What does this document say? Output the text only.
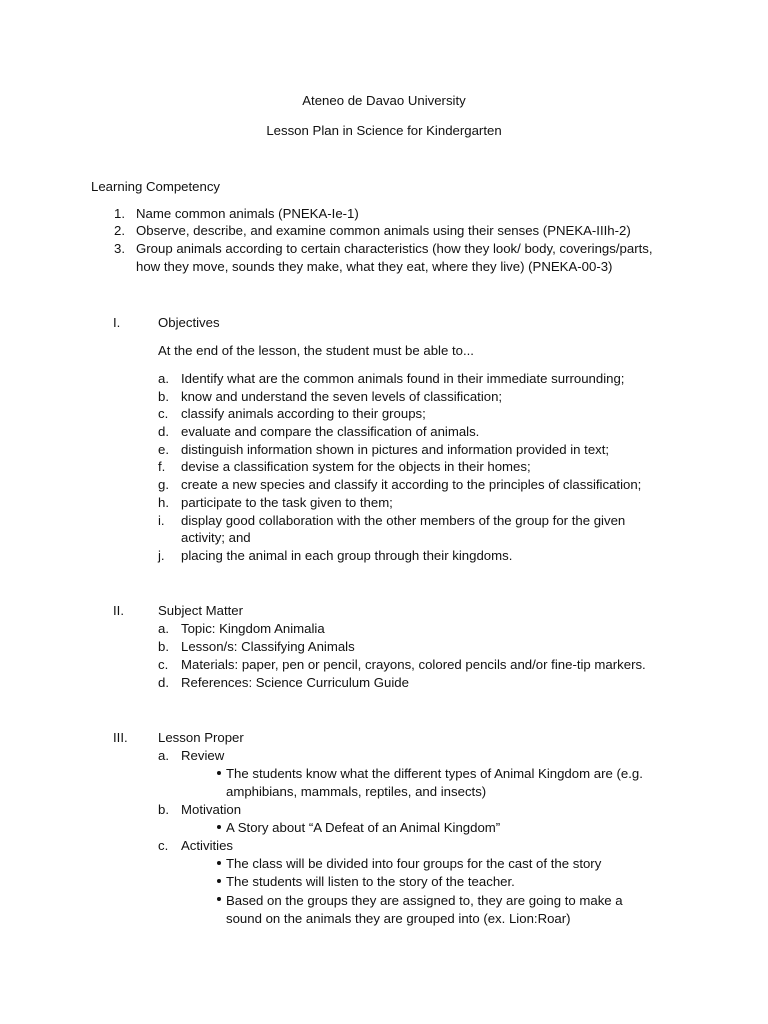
Ateneo de Davao University
Lesson Plan in Science for Kindergarten
Learning Competency
1. Name common animals (PNEKA-Ie-1)
2. Observe, describe, and examine common animals using their senses (PNEKA-IIIh-2)
3. Group animals according to certain characteristics (how they look/ body, coverings/parts,
how they move, sounds they make, what they eat, where they live) (PNEKA-00-3)
I.	Objectives
At the end of the lesson, the student must be able to...
a. Identify what are the common animals found in their immediate surrounding;
b. know and understand the seven levels of classification;
c. classify animals according to their groups;
d. evaluate and compare the classification of animals.
e. distinguish information shown in pictures and information provided in text;
f. devise a classification system for the objects in their homes;
g. create a new species and classify it according to the principles of classification;
h. participate to the task given to them;
i. display good collaboration with the other members of the group for the given
activity; and
j. placing the animal in each group through their kingdoms.
II.	Subject Matter
a. Topic: Kingdom Animalia
b. Lesson/s: Classifying Animals
c. Materials: paper, pen or pencil, crayons, colored pencils and/or fine-tip markers.
d. References: Science Curriculum Guide
III. Lesson Proper
a. Review
The students know what the different types of Animal Kingdom are (e.g.
amphibians, mammals, reptiles, and insects)
b. Motivation
A Story about “A Defeat of an Animal Kingdom”
c. Activities
The class will be divided into four groups for the cast of the story
The students will listen to the story of the teacher.
Based on the groups they are assigned to, they are going to make a
sound on the animals they are grouped into (ex. Lion:Roar)
